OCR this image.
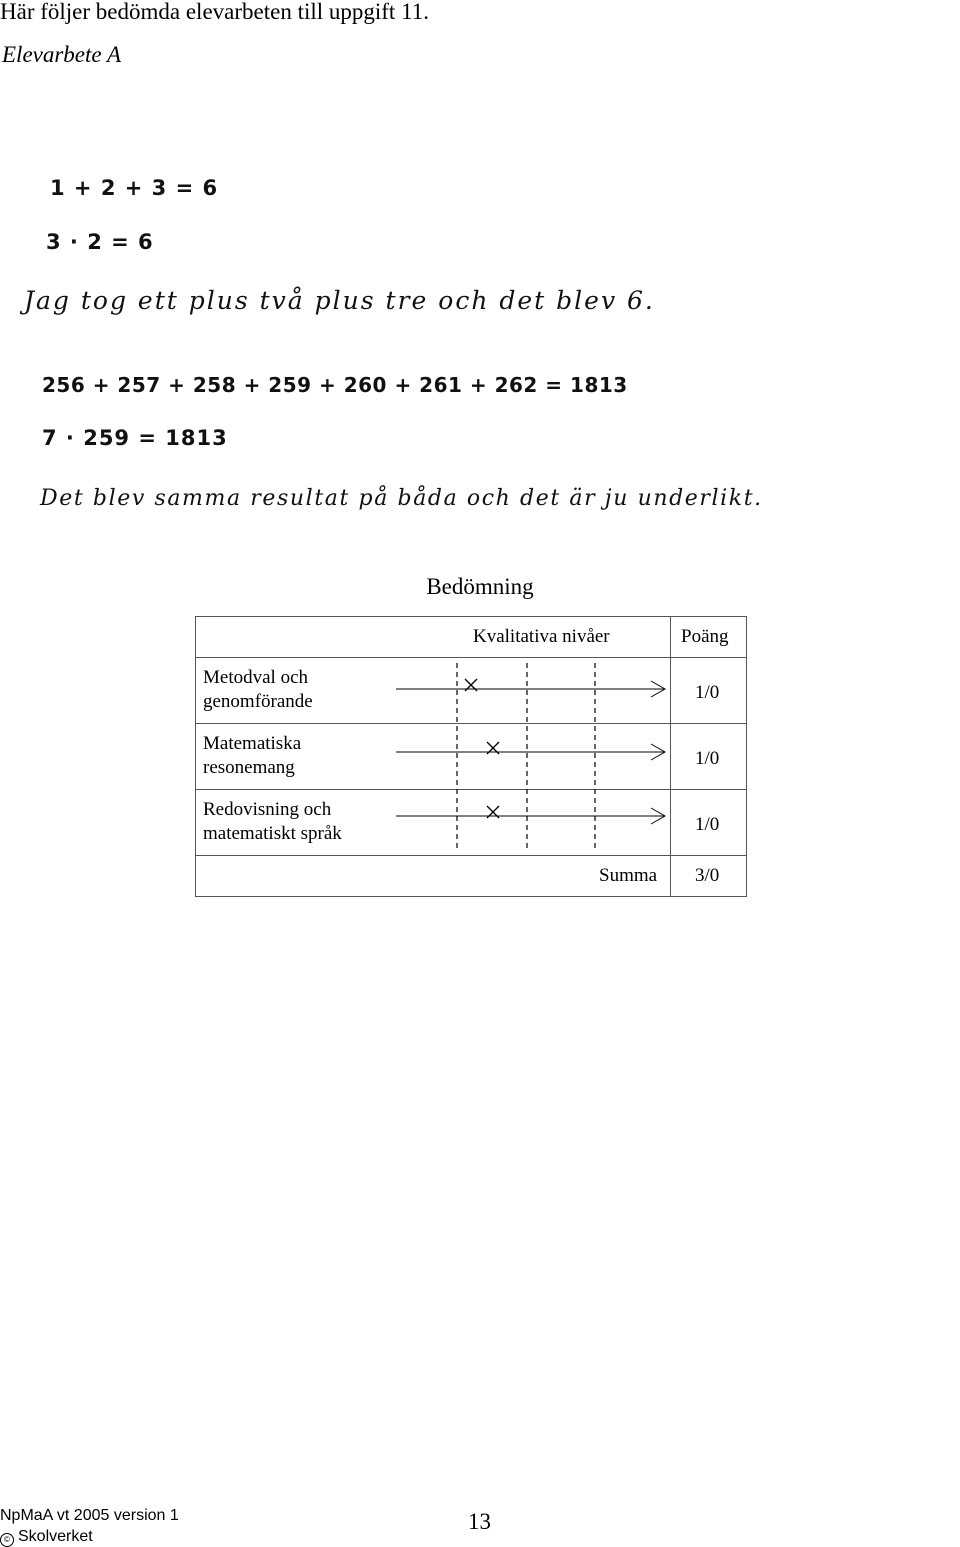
Här följer bedömda elevarbeten till uppgift 11.
Elevarbete A
1 + 2 + 3 = 6
3 · 2 = 6
Jag tog ett plus två plus tre och det blev 6.
256 + 257 + 258 + 259 + 260 + 261 + 262 = 1813
7 · 259 = 1813
Det blev samma resultat på båda och det är ju underlikt.
Bedömning
Kvalitativa nivåer	Poäng
Metodval och
genomförande	1/0
Matematiska
resonemang	1/0
Redovisning och
matematiskt språk	1/0
Summa 3/0
NpMaA vt 2005 version 1
© Skolverket
13
